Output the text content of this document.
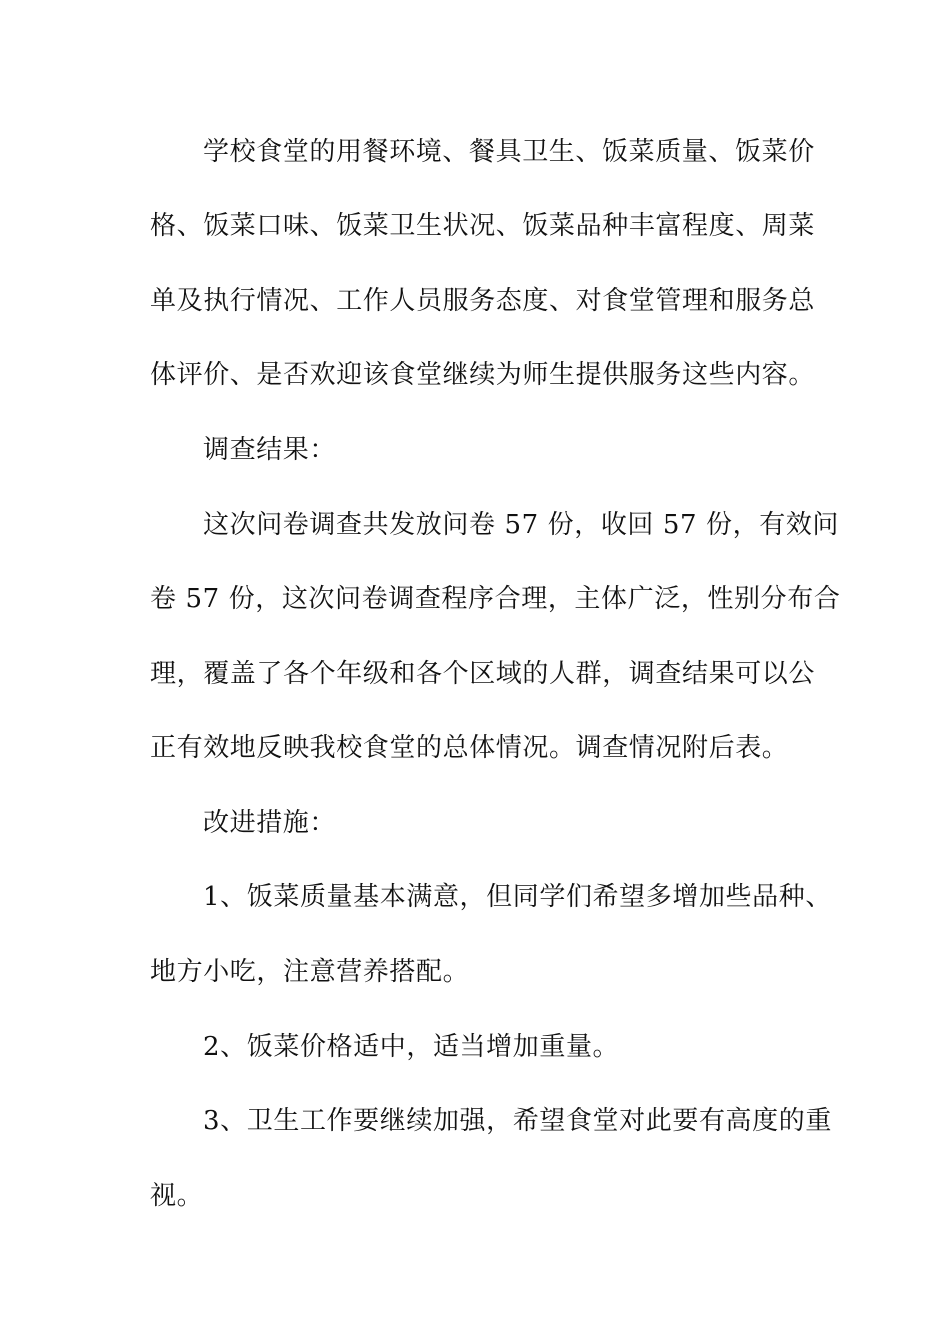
学校食堂的用餐环境、餐具卫生、饭菜质量、饭菜价
格、饭菜口味、饭菜卫生状况、饭菜品种丰富程度、周菜
单及执行情况、工作人员服务态度、对食堂管理和服务总
体评价、是否欢迎该食堂继续为师生提供服务这些内容。
调查结果：
这次问卷调查共发放问卷 57 份，收回 57 份，有效问
卷 57 份，这次问卷调查程序合理，主体广泛，性别分布合
理，覆盖了各个年级和各个区域的人群，调查结果可以公
正有效地反映我校食堂的总体情况。调查情况附后表。
改进措施：
1、饭菜质量基本满意，但同学们希望多增加些品种、
地方小吃，注意营养搭配。
2、饭菜价格适中，适当增加重量。
3、卫生工作要继续加强，希望食堂对此要有高度的重
视。
